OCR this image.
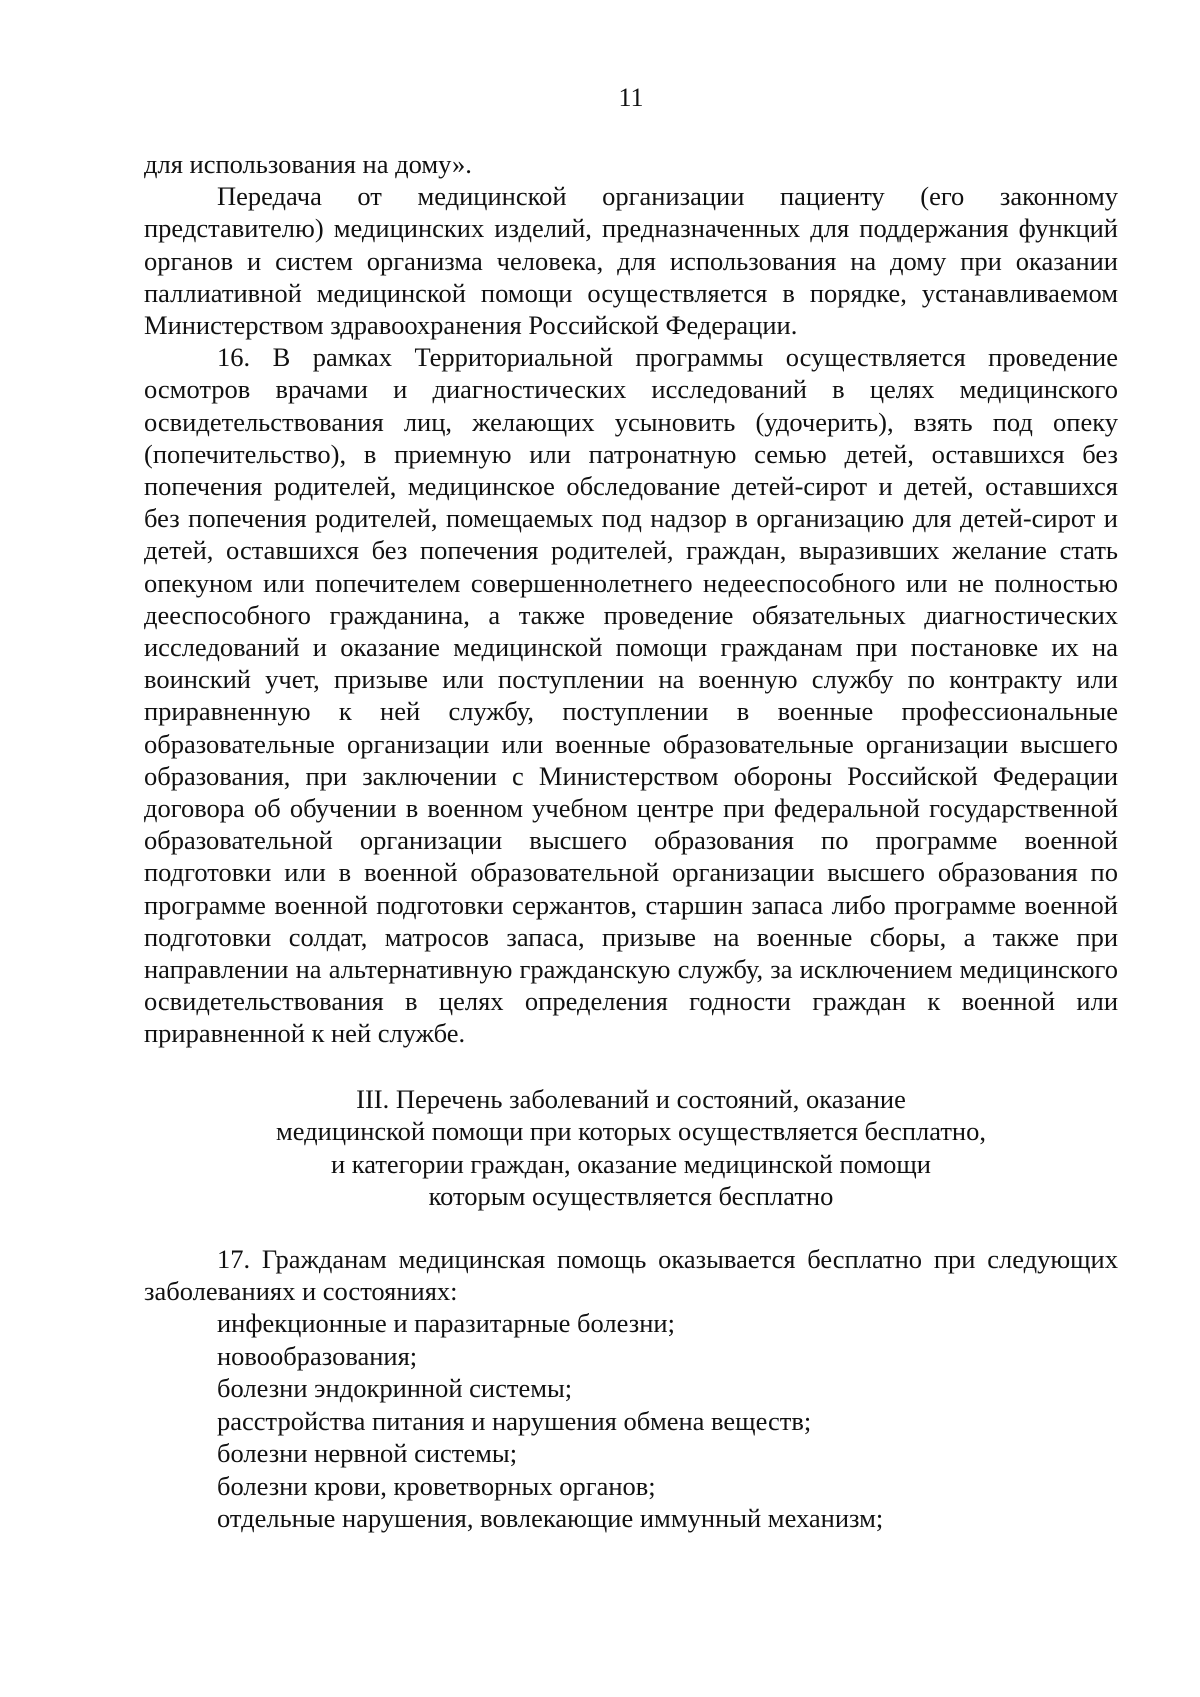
11

для использования на дому».

Передача от медицинской организации пациенту (его законному представителю) медицинских изделий, предназначенных для поддержания функций органов и систем организма человека, для использования на дому при оказании паллиативной медицинской помощи осуществляется в порядке, устанавливаемом Министерством здравоохранения Российской Федерации.

16. В рамках Территориальной программы осуществляется проведение осмотров врачами и диагностических исследований в целях медицинского освидетельствования лиц, желающих усыновить (удочерить), взять под опеку (попечительство), в приемную или патронатную семью детей, оставшихся без попечения родителей, медицинское обследование детей-сирот и детей, оставшихся без попечения родителей, помещаемых под надзор в организацию для детей-сирот и детей, оставшихся без попечения родителей, граждан, выразивших желание стать опекуном или попечителем совершеннолетнего недееспособного или не полностью дееспособного гражданина, а также проведение обязательных диагностических исследований и оказание медицинской помощи гражданам при постановке их на воинский учет, призыве или поступлении на военную службу по контракту или приравненную к ней службу, поступлении в военные профессиональные образовательные организации или военные образовательные организации высшего образования, при заключении с Министерством обороны Российской Федерации договора об обучении в военном учебном центре при федеральной государственной образовательной организации высшего образования по программе военной подготовки или в военной образовательной организации высшего образования по программе военной подготовки сержантов, старшин запаса либо программе военной подготовки солдат, матросов запаса, призыве на военные сборы, а также при направлении на альтернативную гражданскую службу, за исключением медицинского освидетельствования в целях определения годности граждан к военной или приравненной к ней службе.

III. Перечень заболеваний и состояний, оказание
медицинской помощи при которых осуществляется бесплатно,
и категории граждан, оказание медицинской помощи
которым осуществляется бесплатно

17. Гражданам медицинская помощь оказывается бесплатно при следующих заболеваниях и состояниях:

инфекционные и паразитарные болезни;
новообразования;
болезни эндокринной системы;
расстройства питания и нарушения обмена веществ;
болезни нервной системы;
болезни крови, кроветворных органов;
отдельные нарушения, вовлекающие иммунный механизм;
